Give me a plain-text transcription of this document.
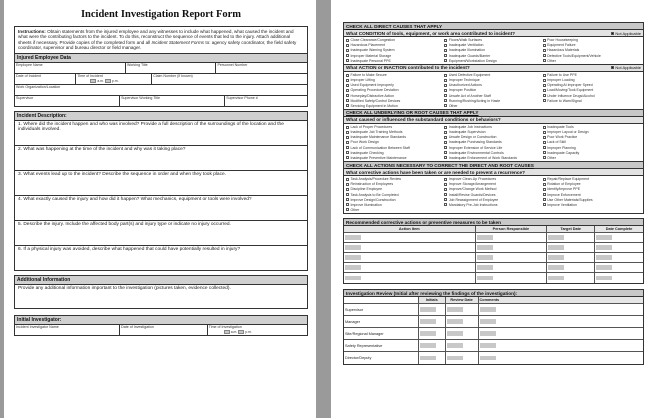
Incident Investigation Report Form
Instructions: Obtain statements from the injured employee and any witnesses to include what happened, what caused the incident and what were the contributing factors to the incident. To do this, reconstruct the sequence of events that led to the injury. Attach additional sheets if necessary. Provide copies of the completed form and all Incident Statement Forms to: agency safety coordinator, the field safety coordinator, supervisor and bureau director or field manager.
Injured Employee Data
Employee Name	Working Title	Personnel Number
Date of Incident	Time of Incident
a.m. p.m.
Claim Number (if known)
Work Organization/Location
Supervisor	Supervisor Working Title	Supervisor Phone #
Incident Description:
1. Where did the incident happen and who was involved? Provide a full description of the surroundings of the location and the individuals involved.
2. What was happening at the time of the incident and why was it taking place?
3. What events lead up to the incident? Describe the sequence in order and when they took place.
4. What exactly caused the injury and how did it happen? What mechanics, equipment or tools were involved?
5. Describe the injury. Include the affected body part(s) and injury type or indicate no injury occurred.
6. If a physical injury was avoided, describe what happened that could have potentially resulted in injury?
Additional Information
Provide any additional information important to the investigation (pictures taken, evidence collected).
Initial Investigator:
Incident Investigator Name	Date of Investigation	Time of Investigation
a.m. p.m.
CHECK ALL DIRECT CAUSES THAT APPLY
What CONDITION of tools, equipment, or work area contributed to incident?	Not Applicable
Close Clearance/Congestion	Floors/Walk Surfaces	Poor Housekeeping
Hazardous Placement	Inadequate Ventilation	Equipment Failure
Inadequate Warning System	Inadequate Illumination	Hazardous Materials
Improper Material Storage	Inadequate Guards/Barrier	Defective Tools/Equipment/Vehicle
Inadequate Personal PPE	Equipment/Workstation Design	Other
What ACTION or INACTION contributed to the incident?	Not Applicable
Failure to Make Secure	Used Defective Equipment	Failure to Use PPE
Improper Lifting	Improper Technique	Improper Loading
Used Equipment Improperly	Unauthorized Actions	Operating At Improper Speed
Operating Procedure Deviation	Improper Position	Load/Moving/Took Equipment
Horseplay/Distractive Action	Unsafe Act of Another Staff	Under Influence Drugs/Alcohol
Modified Safety/Control Devices	Running/Rushing/Acting in Haste	Failure to Warn/Signal
Servicing Equipment in Motion	Other
CHECK ALL UNDERLYING OR ROOT CAUSES THAT APPLY
What caused or influenced the substandard conditions or behaviors?
Lack of Proper Procedures	Inadequate Job Instructions	Inadequate Tools
Inadequate Job Training Methods	Inadequate Supervision	Improper Layout or Design
Inadequate Maintenance Standards	Unsafe Design or Construction	Poor Work Practice
Poor Work Design	Inadequate Purchasing Standards	Lack of Skill
Lack of Communication Between Staff	Improper Extension of Service Life	Improper Planning
Inadequate Checking	Inadequate Environmental Controls	Inadequate Capacity
Inadequate Preventive Maintenance	Inadequate Enforcement of Work Standards	Other
CHECK ALL ACTIONS NECESSARY TO CORRECT THE DIRECT AND ROOT CAUSES
What corrective actions have been taken or are needed to prevent a recurrence?
Task Analysis/Procedure Review	Improve Clean-Up Procedures	Repair/Replace Equipment
Reinstruction of Employees	Improve Storage/Arrangement	Rotation of Employee
Discipline Employee	Improve/Change Work Method	Identify/Improve PPE
Task Analysis to Be Completed	Install/Revise Guards/Devices	Improve Enforcement
Improve Design/Construction	Job Reassignment of Employee	Use Other Materials/Supplies
Improve Illumination	Mandatory Pre-Job Instructions	Improve Ventilation
Other
Recommended corrective actions or preventive measures to be taken
Action Item	Person Responsible	Target Date	Date Complete
Investigation Review (Initial after reviewing the findings of the investigation):
Initials	Review Date	Comments
Supervisor
Manager
Site/Regional Manager
Safety Representative
Director/Deputy
